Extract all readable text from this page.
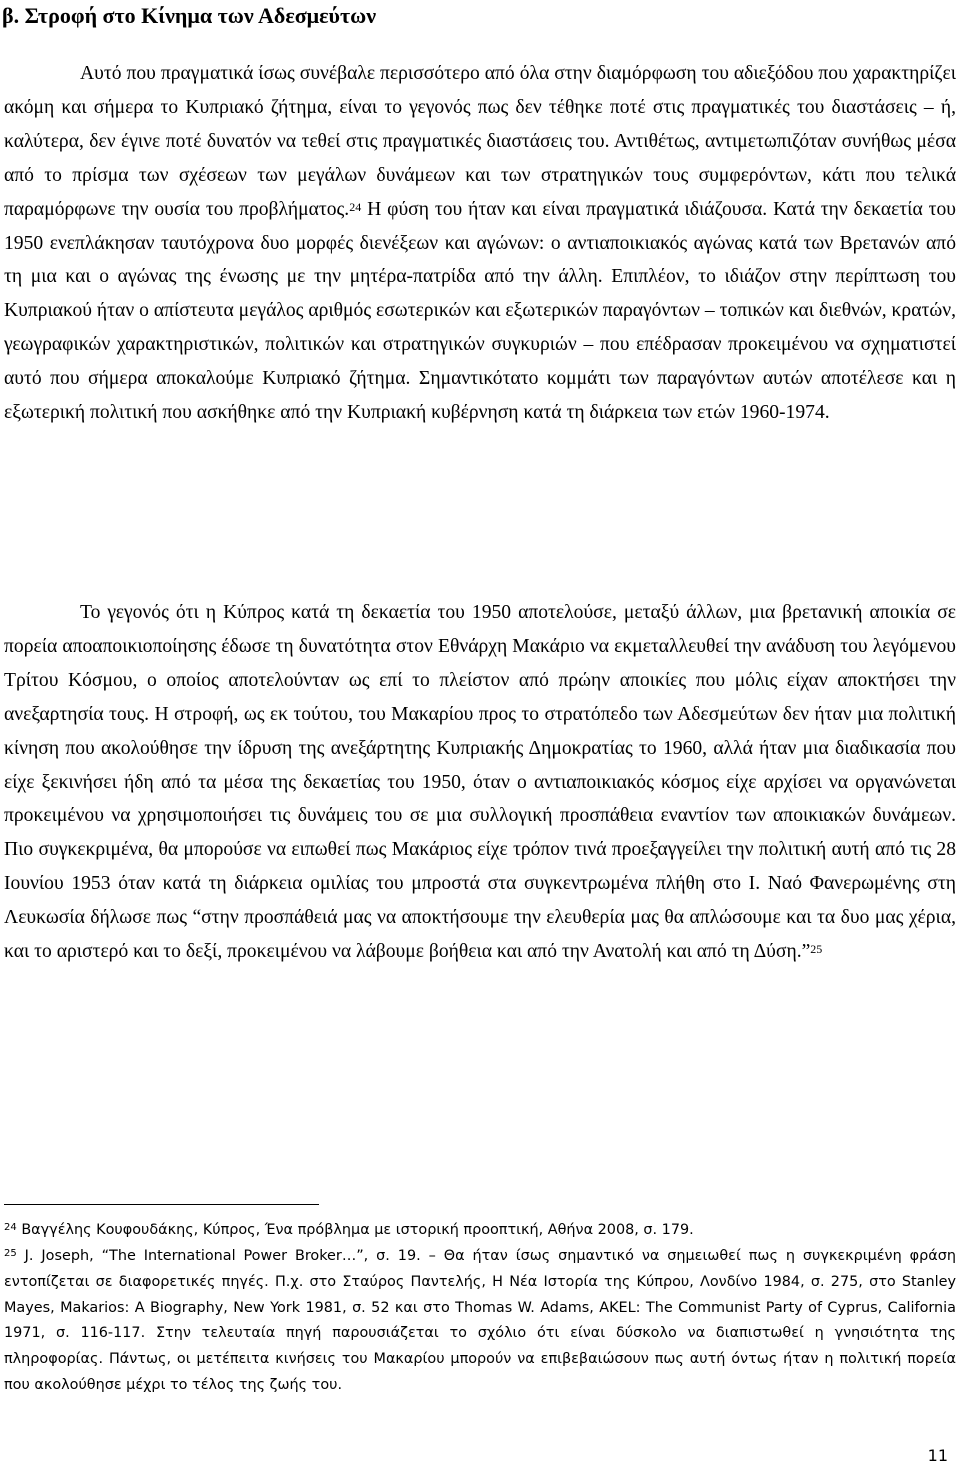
β. Στροφή στο Κίνημα των Αδεσμεύτων

Αυτό που πραγματικά ίσως συνέβαλε περισσότερο από όλα στην διαμόρφωση του αδιεξόδου που χαρακτηρίζει ακόμη και σήμερα το Κυπριακό ζήτημα, είναι το γεγονός πως δεν τέθηκε ποτέ στις πραγματικές του διαστάσεις – ή, καλύτερα, δεν έγινε ποτέ δυνατόν να τεθεί στις πραγματικές διαστάσεις του. Αντιθέτως, αντιμετωπιζόταν συνήθως μέσα από το πρίσμα των σχέσεων των μεγάλων δυνάμεων και των στρατηγικών τους συμφερόντων, κάτι που τελικά παραμόρφωνε την ουσία του προβλήματος.$^{24}$ Η φύση του ήταν και είναι πραγματικά ιδιάζουσα. Κατά την δεκαετία του 1950 ενεπλάκησαν ταυτόχρονα δυο μορφές διενέξεων και αγώνων: ο αντιαποικιακός αγώνας κατά των Βρετανών από τη μια και ο αγώνας της ένωσης με την μητέρα-πατρίδα από την άλλη. Επιπλέον, το ιδιάζον στην περίπτωση του Κυπριακού ήταν ο απίστευτα μεγάλος αριθμός εσωτερικών και εξωτερικών παραγόντων – τοπικών και διεθνών, κρατών, γεωγραφικών χαρακτηριστικών, πολιτικών και στρατηγικών συγκυριών – που επέδρασαν προκειμένου να σχηματιστεί αυτό που σήμερα αποκαλούμε Κυπριακό ζήτημα. Σημαντικότατο κομμάτι των παραγόντων αυτών αποτέλεσε και η εξωτερική πολιτική που ασκήθηκε από την Κυπριακή κυβέρνηση κατά τη διάρκεια των ετών 1960-1974.

Το γεγονός ότι η Κύπρος κατά τη δεκαετία του 1950 αποτελούσε, μεταξύ άλλων, μια βρετανική αποικία σε πορεία αποαποικιοποίησης έδωσε τη δυνατότητα στον Εθνάρχη Μακάριο να εκμεταλλευθεί την ανάδυση του λεγόμενου Τρίτου Κόσμου, ο οποίος αποτελούνταν ως επί το πλείστον από πρώην αποικίες που μόλις είχαν αποκτήσει την ανεξαρτησία τους. Η στροφή, ως εκ τούτου, του Μακαρίου προς το στρατόπεδο των Αδεσμεύτων δεν ήταν μια πολιτική κίνηση που ακολούθησε την ίδρυση της ανεξάρτητης Κυπριακής Δημοκρατίας το 1960, αλλά ήταν μια διαδικασία που είχε ξεκινήσει ήδη από τα μέσα της δεκαετίας του 1950, όταν ο αντιαποικιακός κόσμος είχε αρχίσει να οργανώνεται προκειμένου να χρησιμοποιήσει τις δυνάμεις του σε μια συλλογική προσπάθεια εναντίον των αποικιακών δυνάμεων. Πιο συγκεκριμένα, θα μπορούσε να ειπωθεί πως Μακάριος είχε τρόπον τινά προεξαγγείλει την πολιτική αυτή από τις 28 Ιουνίου 1953 όταν κατά τη διάρκεια ομιλίας του μπροστά στα συγκεντρωμένα πλήθη στο Ι. Ναό Φανερωμένης στη Λευκωσία δήλωσε πως “στην προσπάθειά μας να αποκτήσουμε την ελευθερία μας θα απλώσουμε και τα δυο μας χέρια, και το αριστερό και το δεξί, προκειμένου να λάβουμε βοήθεια και από την Ανατολή και από τη Δύση.”$^{25}$

$^{24}$ Βαγγέλης Κουφουδάκης, Κύπρος, Ένα πρόβλημα με ιστορική προοπτική, Αθήνα 2008, σ. 179.

$^{25}$ J. Joseph, “The International Power Broker…”, σ. 19. – Θα ήταν ίσως σημαντικό να σημειωθεί πως η συγκεκριμένη φράση εντοπίζεται σε διαφορετικές πηγές. Π.χ. στο Σταύρος Παντελής, Η Νέα Ιστορία της Κύπρου, Λονδίνο 1984, σ. 275, στο Stanley Mayes, Makarios: A Biography, New York 1981, σ. 52 και στο Thomas W. Adams, AKEL: The Communist Party of Cyprus, California 1971, σ. 116-117. Στην τελευταία πηγή παρουσιάζεται το σχόλιο ότι είναι δύσκολο να διαπιστωθεί η γνησιότητα της πληροφορίας. Πάντως, οι μετέπειτα κινήσεις του Μακαρίου μπορούν να επιβεβαιώσουν πως αυτή όντως ήταν η πολιτική πορεία που ακολούθησε μέχρι το τέλος της ζωής του.

11
